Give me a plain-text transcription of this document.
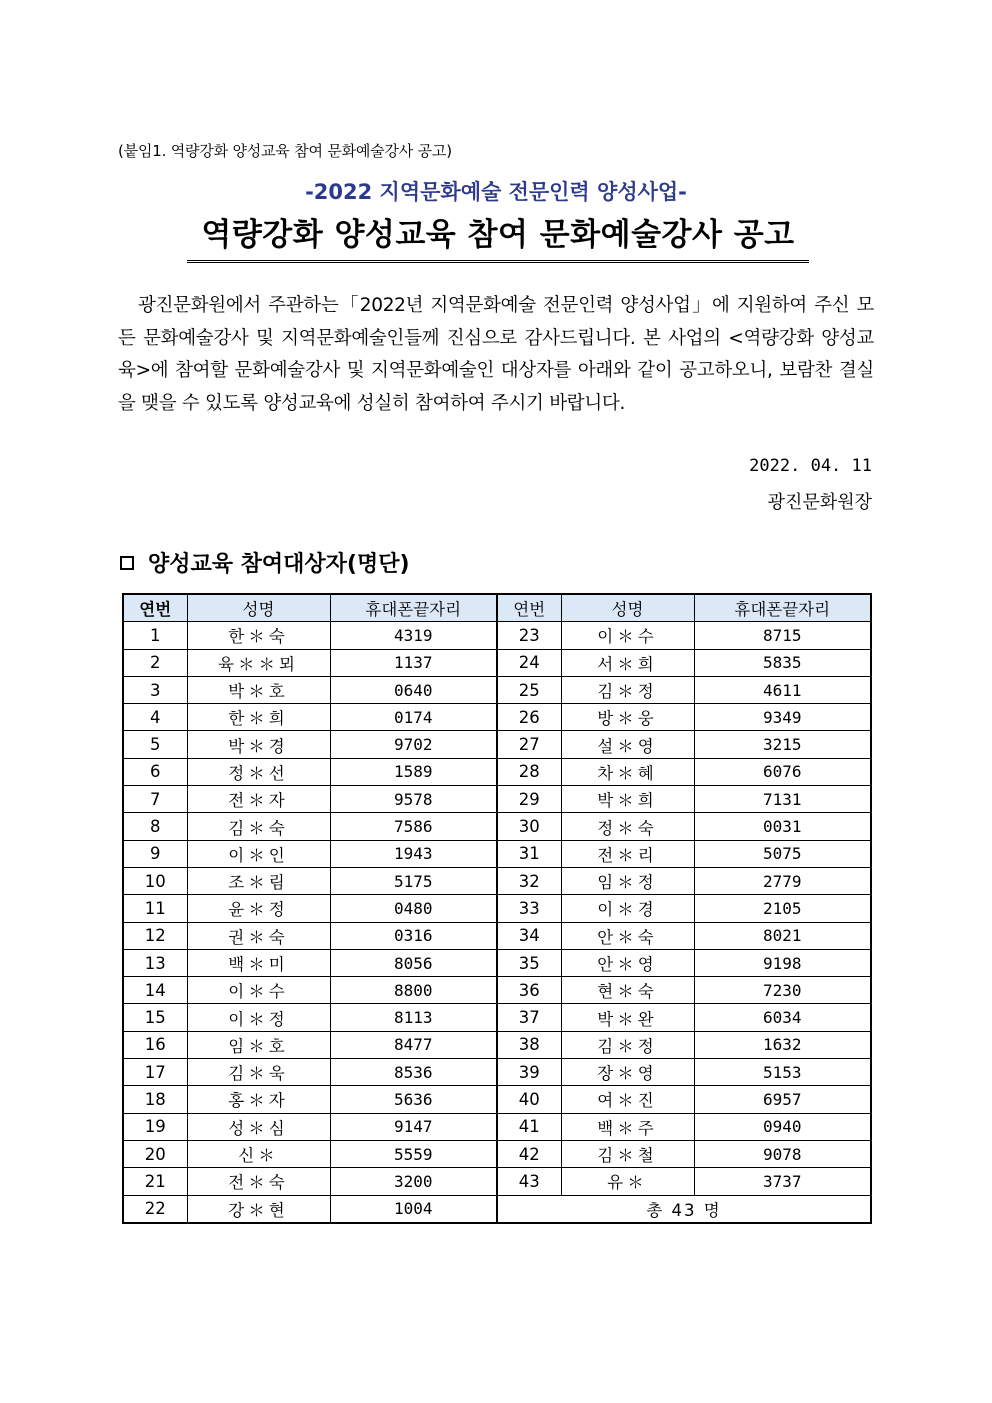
(붙임1. 역량강화 양성교육 참여 문화예술강사 공고)
-2022 지역문화예술 전문인력 양성사업-
역량강화 양성교육 참여 문화예술강사 공고

광진문화원에서 주관하는「2022년 지역문화예술 전문인력 양성사업」에 지원하여 주신 모든 문화예술강사 및 지역문화예술인들께 진심으로 감사드립니다. 본 사업의 <역량강화 양성교육>에 참여할 문화예술강사 및 지역문화예술인 대상자를 아래와 같이 공고하오니, 보람찬 결실을 맺을 수 있도록 양성교육에 성실히 참여하여 주시기 바랍니다.

2022. 04. 11
광진문화원장
양성교육 참여대상자(명단)
연번	성명	휴대폰끝자리	연번	성명	휴대폰끝자리
1	한＊숙	4319	23	이＊수	8715
2	육＊＊뫼	1137	24	서＊희	5835
3	박＊호	0640	25	김＊정	4611
4	한＊희	0174	26	방＊웅	9349
5	박＊경	9702	27	설＊영	3215
6	정＊선	1589	28	차＊혜	6076
7	전＊자	9578	29	박＊희	7131
8	김＊숙	7586	30	정＊숙	0031
9	이＊인	1943	31	전＊리	5075
10	조＊림	5175	32	임＊정	2779
11	윤＊정	0480	33	이＊경	2105
12	권＊숙	0316	34	안＊숙	8021
13	백＊미	8056	35	안＊영	9198
14	이＊수	8800	36	현＊숙	7230
15	이＊정	8113	37	박＊완	6034
16	임＊호	8477	38	김＊정	1632
17	김＊욱	8536	39	장＊영	5153
18	홍＊자	5636	40	여＊진	6957
19	성＊심	9147	41	백＊주	0940
20	신＊	5559	42	김＊철	9078
21	전＊숙	3200	43	유＊	3737
22	강＊현	1004	총 43 명		
